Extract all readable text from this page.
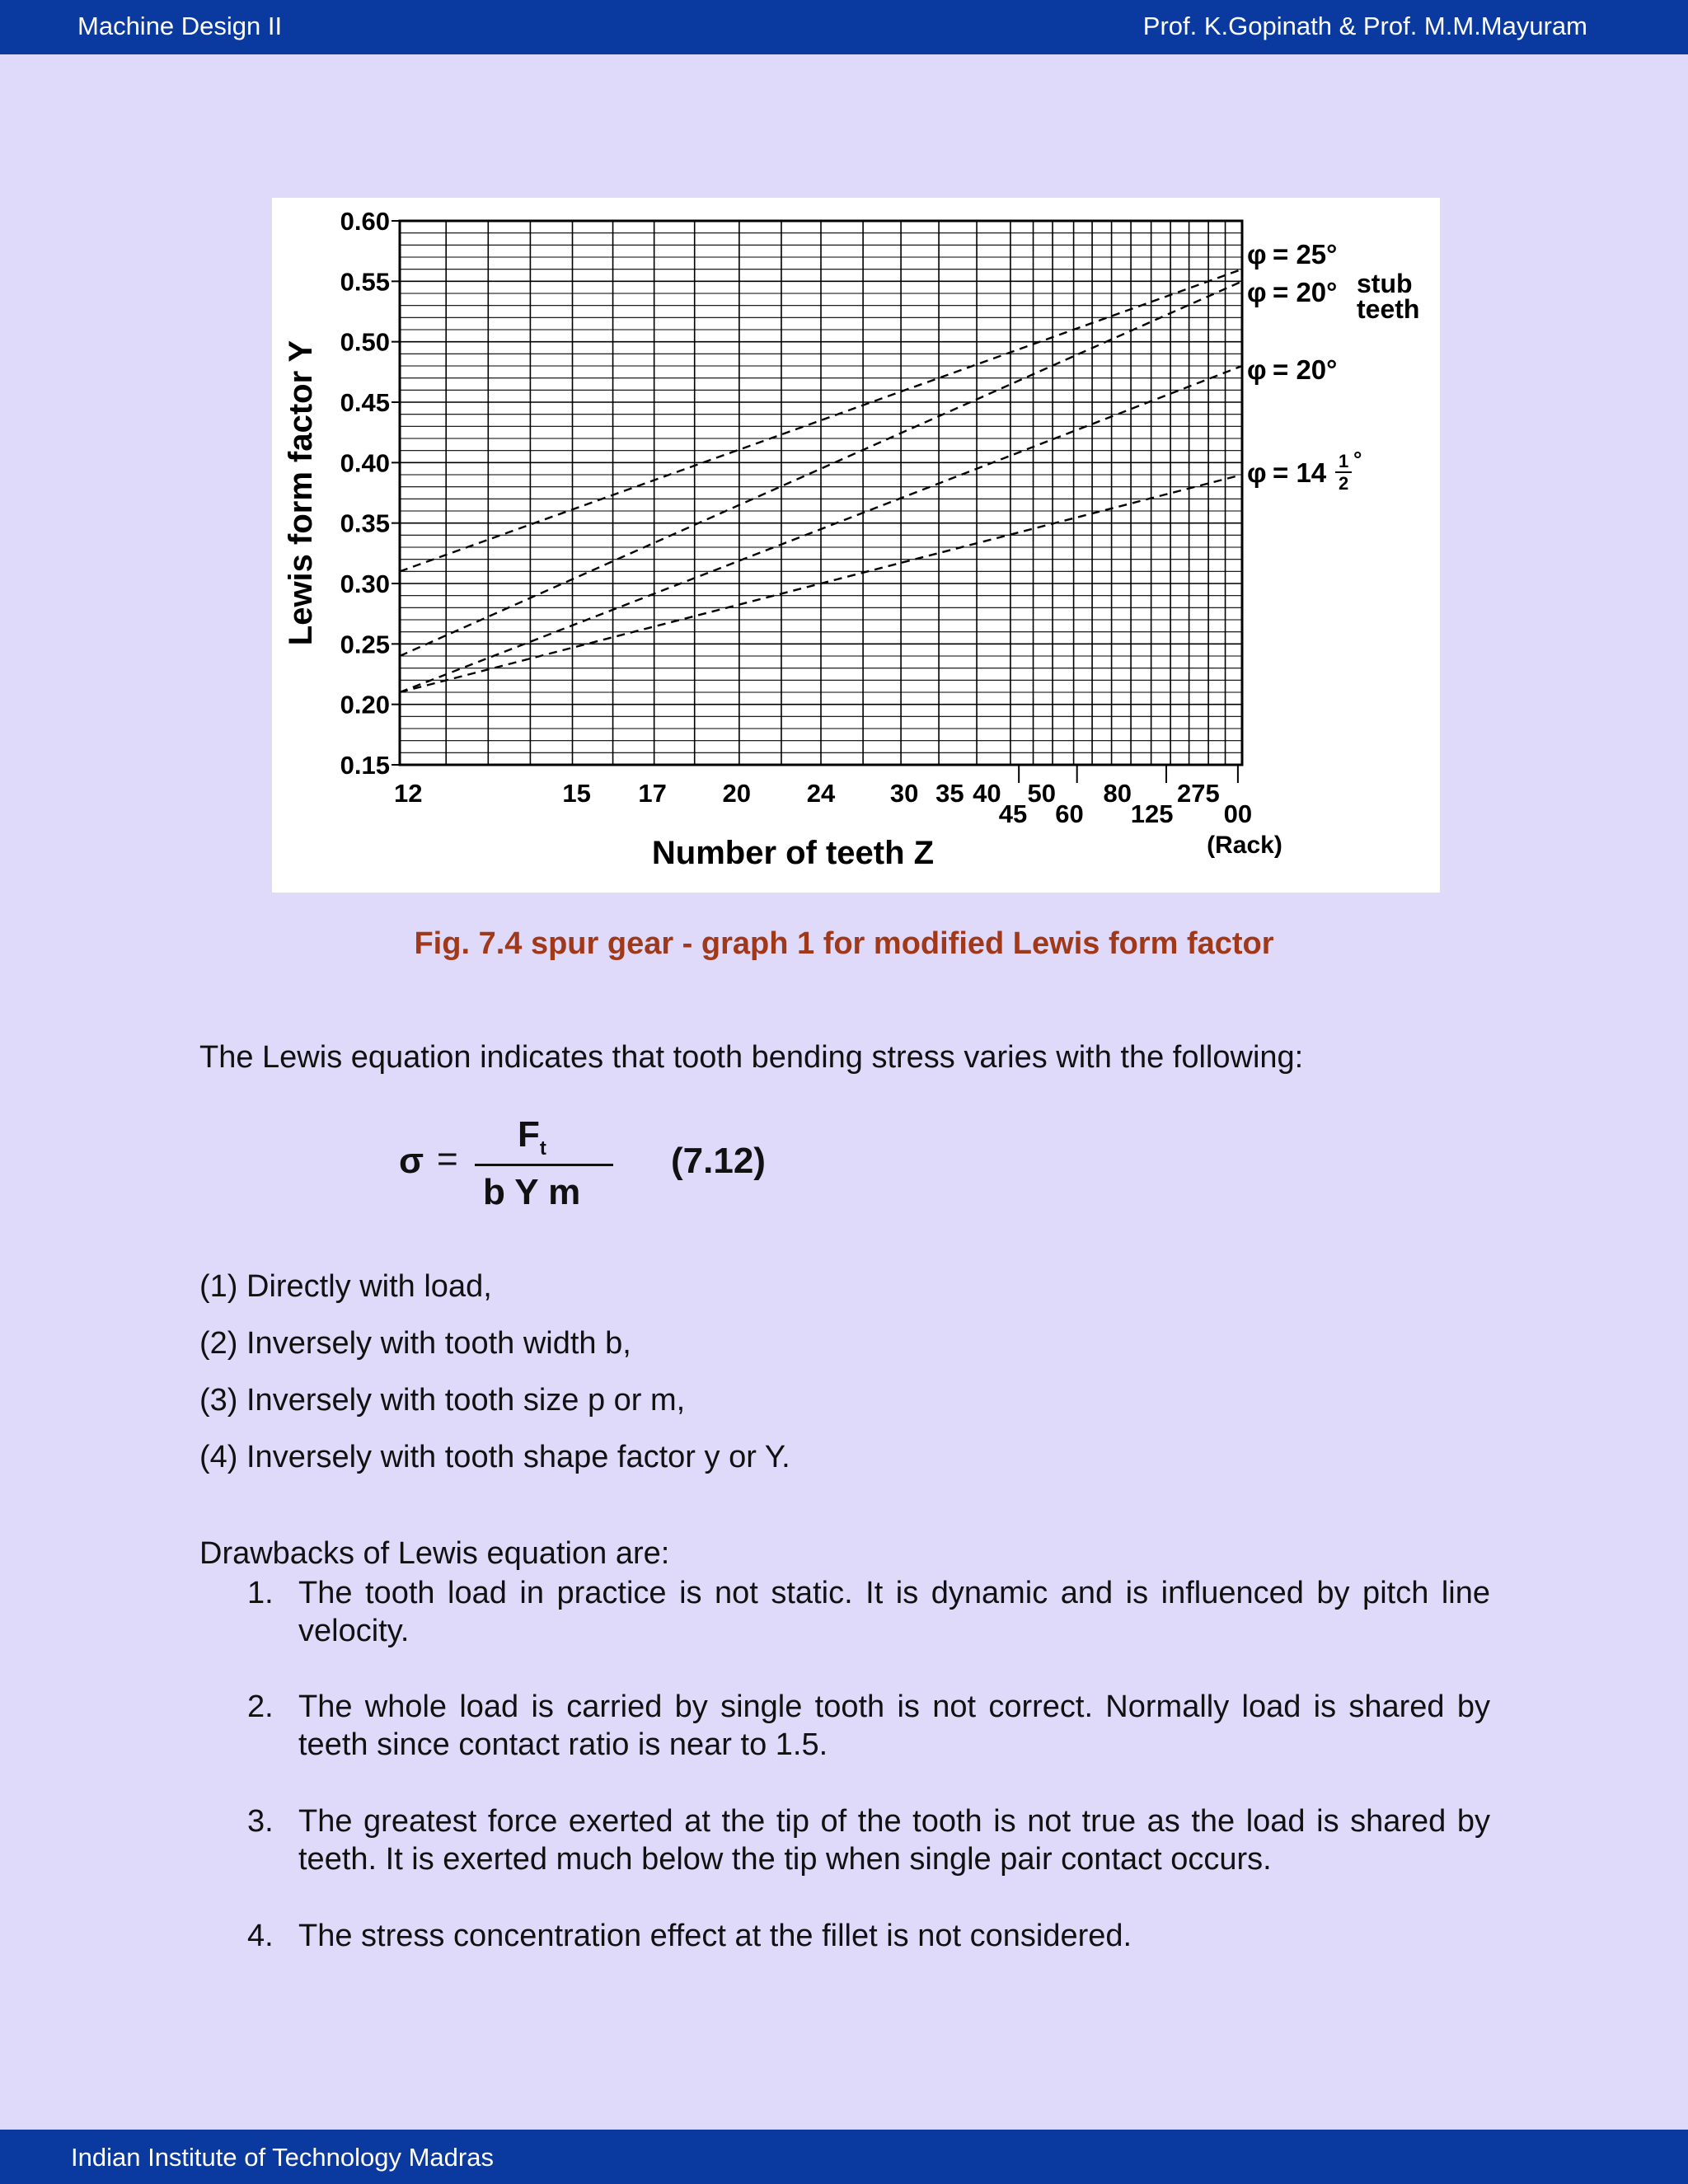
Machine Design II	Prof. K.Gopinath & Prof. M.M.Mayuram
0.60
0.55
0.50
0.45
0.40
0.35
0.30
0.25
0.20
0.15
12	15 17 20 24 30 35 40 50 80 275
45 60 125 00
Lewis form factor Y
Number of teeth Z	(Rack)
φ = 25°
φ = 20° stub
teeth
φ = 20°
φ = 14 1
2
°
Fig. 7.4 spur gear - graph 1 for modified Lewis form factor
The Lewis equation indicates that tooth bending stress varies with the following:
σ =
$F_t$
b Y m
(7.12)
(1) Directly with load,
(2) Inversely with tooth width b,
(3) Inversely with tooth size p or m,
(4) Inversely with tooth shape factor y or Y.
Drawbacks of Lewis equation are:
1. The tooth load in practice is not static. It is dynamic and is influenced by pitch line velocity.
2. The whole load is carried by single tooth is not correct. Normally load is shared by teeth since contact ratio is near to 1.5.
3. The greatest force exerted at the tip of the tooth is not true as the load is shared by teeth. It is exerted much below the tip when single pair contact occurs.
4. The stress concentration effect at the fillet is not considered.
Indian Institute of Technology Madras
